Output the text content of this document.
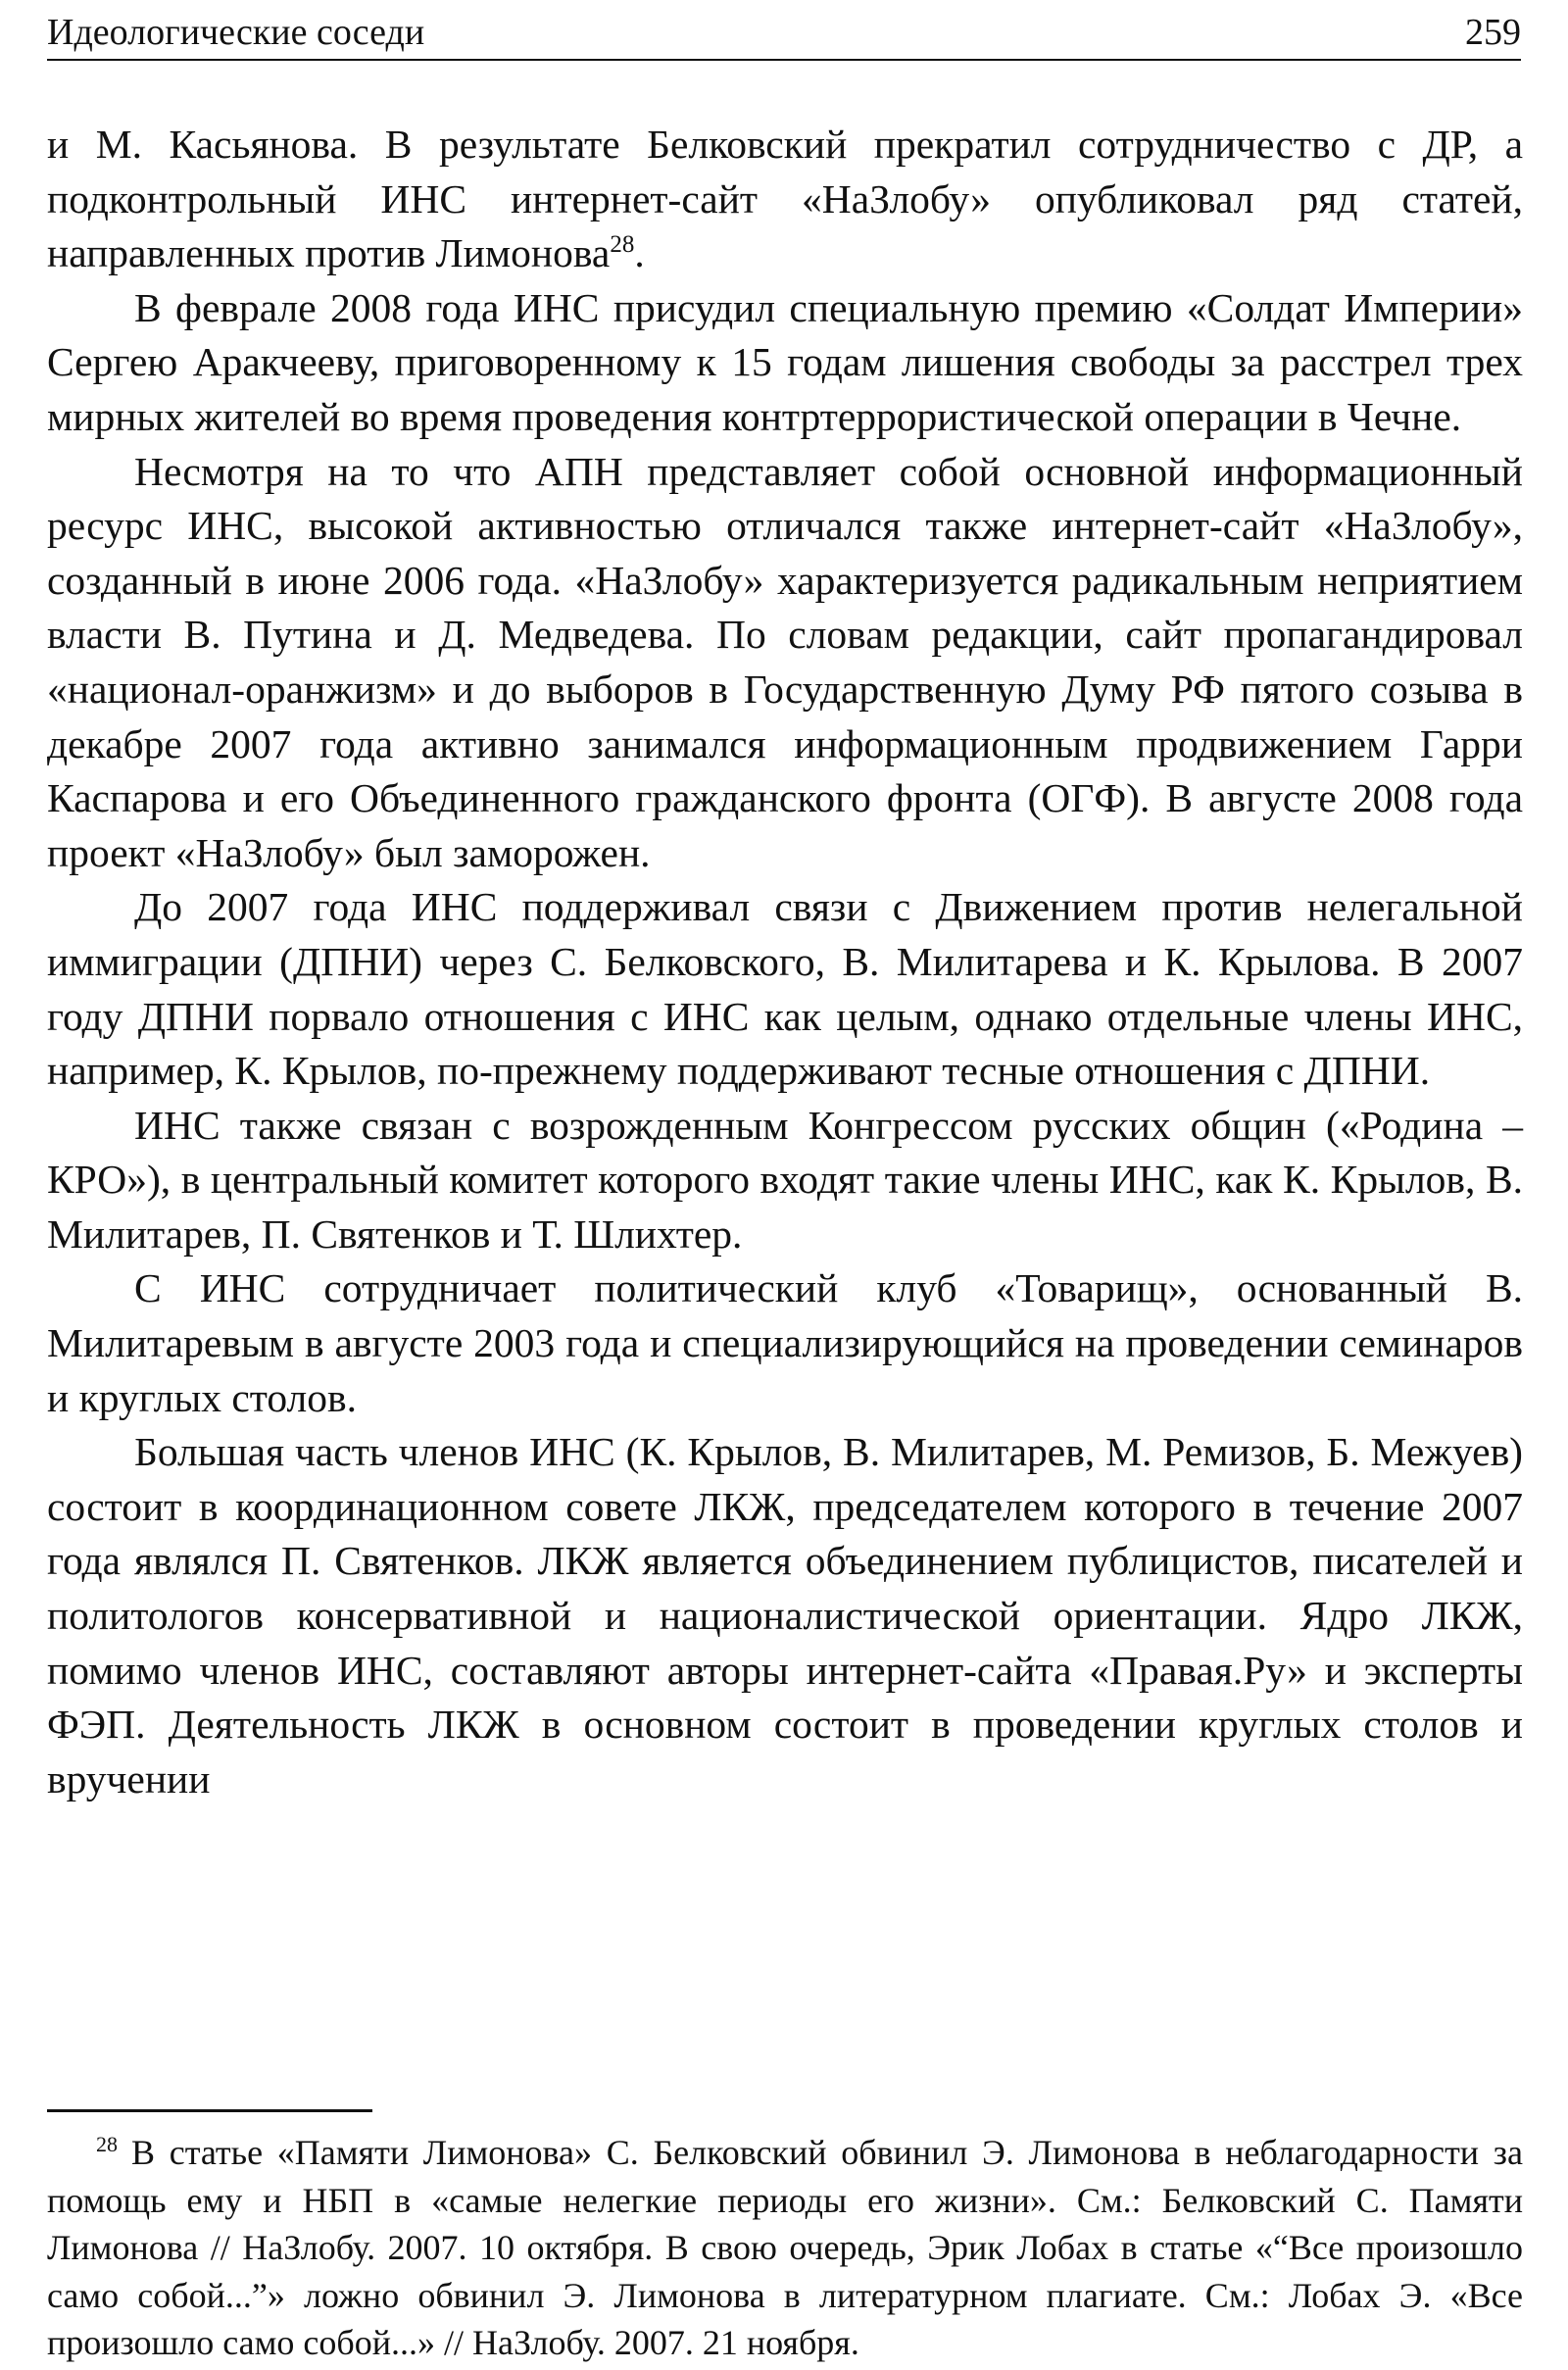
Идеологические соседи	259

и М. Касьянова. В результате Белковский прекратил сотрудничество с ДР, а подконтрольный ИНС интернет-сайт «НаЗлобу» опубликовал ряд статей, направленных против Лимонова$^{28}$.

В феврале 2008 года ИНС присудил специальную премию «Солдат Империи» Сергею Аракчееву, приговоренному к 15 годам лишения свободы за расстрел трех мирных жителей во время проведения контртеррористической операции в Чечне.

Несмотря на то что АПН представляет собой основной информационный ресурс ИНС, высокой активностью отличался также интернет-сайт «НаЗлобу», созданный в июне 2006 года. «НаЗлобу» характеризуется радикальным неприятием власти В. Путина и Д. Медведева. По словам редакции, сайт пропагандировал «национал-оранжизм» и до выборов в Государственную Думу РФ пятого созыва в декабре 2007 года активно занимался информационным продвижением Гарри Каспарова и его Объединенного гражданского фронта (ОГФ). В августе 2008 года проект «НаЗлобу» был заморожен.

До 2007 года ИНС поддерживал связи с Движением против нелегальной иммиграции (ДПНИ) через С. Белковского, В. Милитарева и К. Крылова. В 2007 году ДПНИ порвало отношения с ИНС как целым, однако отдельные члены ИНС, например, К. Крылов, по-прежнему поддерживают тесные отношения с ДПНИ.

ИНС также связан с возрожденным Конгрессом русских общин («Родина – КРО»), в центральный комитет которого входят такие члены ИНС, как К. Крылов, В. Милитарев, П. Святенков и Т. Шлихтер.

С ИНС сотрудничает политический клуб «Товарищ», основанный В. Милитаревым в августе 2003 года и специализирующийся на проведении семинаров и круглых столов.

Большая часть членов ИНС (К. Крылов, В. Милитарев, М. Ремизов, Б. Межуев) состоит в координационном совете ЛКЖ, председателем которого в течение 2007 года являлся П. Святенков. ЛКЖ является объединением публицистов, писателей и политологов консервативной и националистической ориентации. Ядро ЛКЖ, помимо членов ИНС, составляют авторы интернет-сайта «Правая.Ру» и эксперты ФЭП. Деятельность ЛКЖ в основном состоит в проведении круглых столов и вручении

$^{28}$ В статье «Памяти Лимонова» С. Белковский обвинил Э. Лимонова в неблагодарности за помощь ему и НБП в «самые нелегкие периоды его жизни». См.: Белковский С. Памяти Лимонова // НаЗлобу. 2007. 10 октября. В свою очередь, Эрик Лобах в статье «“Все произошло само собой...”» ложно обвинил Э. Лимонова в литературном плагиате. См.: Лобах Э. «Все произошло само собой...» // НаЗлобу. 2007. 21 ноября.
